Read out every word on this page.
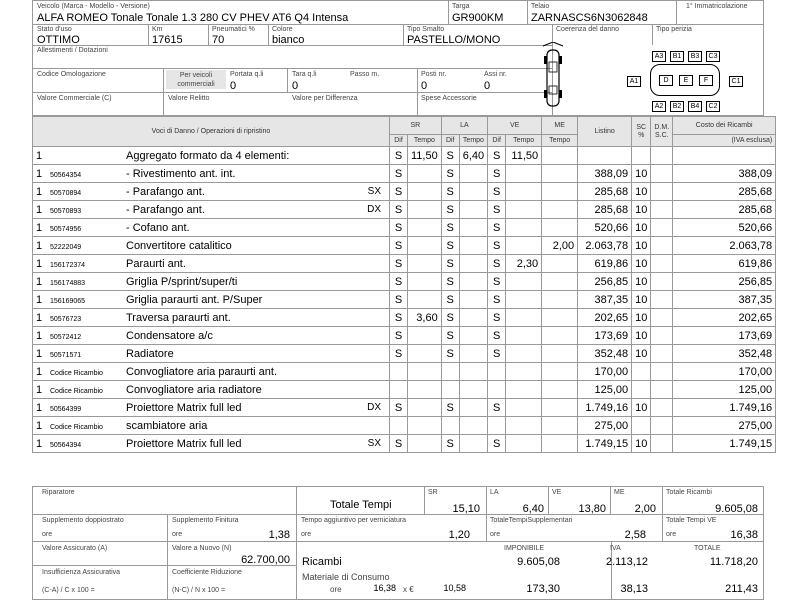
Veicolo (Marca - Modello - Versione)
ALFA ROMEO Tonale Tonale 1.3 280 CV PHEV AT6 Q4 Intensa
Targa
GR900KM
Telaio
ZARNASCS6N3062848
1° Immatricolazione
Stato d'uso
OTTIMO
Km
17615
Pneumatici %
70
Colore
bianco
Tipo Smalto
PASTELLO/MONO
Coerenza del danno	Tipo perizia
Allestimenti / Dotazioni
Codice Omologazione	Per veicoli commerciali
Portata q.li
0
Tara q.li
0
Passo m.	Posti nr.
0
Assi nr.
0
Valore Commerciale (C)	Valore Relitto	Valore per Differenza	Spese Accessorie
A3	B1	B3	C3
A1	D	E	F	C1
A2	B2	B4	C2
Voci di Danno / Operazioni di ripristino	SR		LA		VE		ME	Listino	SC %	D.M. S.C.	Costo dei Ricambi
	Dif	Tempo	Dif	Tempo	Dif	Tempo	Tempo				(IVA esclusa)
1 Aggregato formato da 4 elementi:	S	11,50	S	6,40	S	11,50					
1 50564354 - Rivestimento ant. int.	S		S		S			388,09	10		388,09
1 50570894 - Parafango ant. SX	S		S		S			285,68	10		285,68
1 50570893 - Parafango ant. DX	S		S		S			285,68	10		285,68
1 50574956 - Cofano ant.	S		S		S			520,66	10		520,66
1 52222049 Convertitore catalitico	S		S		S		2,00	2.063,78	10		2.063,78
1 156172374 Paraurti ant.	S		S		S	2,30		619,86	10		619,86
1 156174883 Griglia P/sprint/super/ti	S		S		S			256,85	10		256,85
1 156169065 Griglia paraurti ant. P/Super	S		S		S			387,35	10		387,35
1 50576723 Traversa paraurti ant.	S	3,60	S		S			202,65	10		202,65
1 50572412 Condensatore a/c	S		S		S			173,69	10		173,69
1 50571571 Radiatore	S		S		S			352,48	10		352,48
1 Codice Ricambio Convogliatore aria paraurti ant.								170,00			170,00
1 Codice Ricambio Convogliatore aria radiatore								125,00			125,00
1 50564399 Proiettore Matrix full led DX	S		S		S			1.749,16	10		1.749,16
1 Codice Ricambio scambiatore aria								275,00			275,00
1 50564394 Proiettore Matrix full led SX	S		S		S			1.749,15	10		1.749,15
Riparatore
Totale Tempi
SR
15,10
LA
6,40
VE
13,80
ME
2,00
Totale Ricambi
9.605,08
Supplemento doppiostrato
ore
Supplemento Finitura
ore	1,38
Tempo aggiuntivo per verniciatura
ore	1,20
TotaleTempiSupplementari
ore	2,58
Totale Tempi VE
ore	16,38
Valore Assicurato (A)	Valore a Nuovo (N)
62.700,00
IMPONIBILE	IVA	TOTALE
Ricambi	9.605,08	2.113,12	11.718,20
Insufficienza Assicurativa
(C-A) / C x 100 =
Coefficiente Riduzione
(N-C) / N x 100 =
Materiale di Consumo
ore	16,38 x €	10,58	173,30	38,13	211,43
